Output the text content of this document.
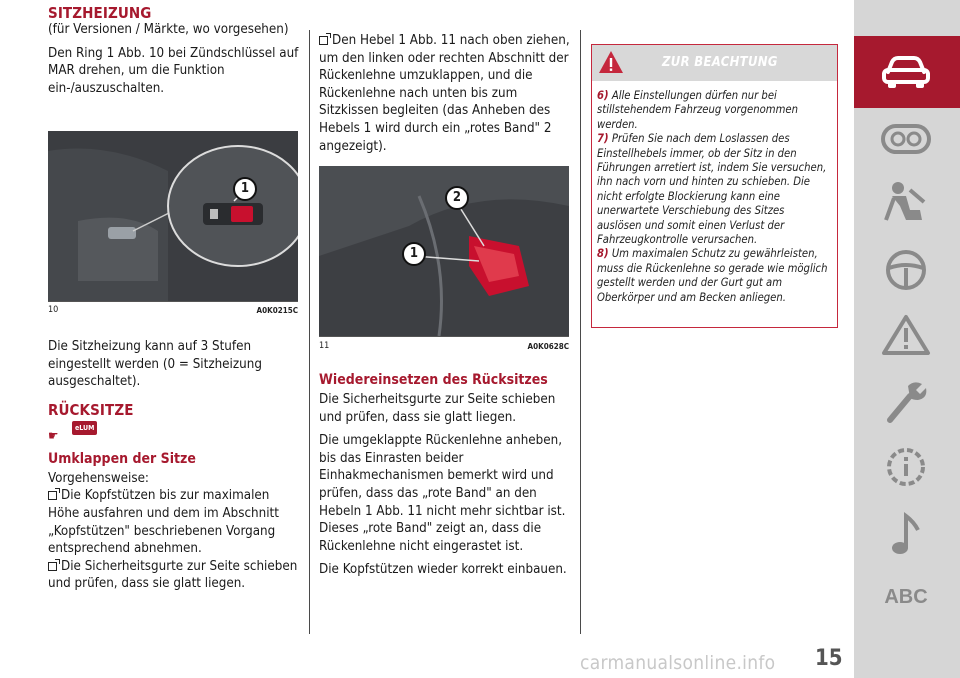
SITZHEIZUNG

(für Versionen / Märkte, wo vorgesehen)

Den Ring 1 Abb. 10 bei Zündschlüssel auf MAR drehen, um die Funktion ein-/auszuschalten.

1
10	A0K0215C

Die Sitzheizung kann auf 3 Stufen eingestellt werden (0 = Sitzheizung ausgeschaltet).

RÜCKSITZE

☛
eLUM

Umklappen der Sitze

Vorgehensweise:

Die Kopfstützen bis zur maximalen Höhe ausfahren und dem im Abschnitt „Kopfstützen" beschriebenen Vorgang entsprechend abnehmen.

Die Sicherheitsgurte zur Seite schieben und prüfen, dass sie glatt liegen.

Den Hebel 1 Abb. 11 nach oben ziehen, um den linken oder rechten Abschnitt der Rückenlehne umzuklappen, und die Rückenlehne nach unten bis zum Sitzkissen begleiten (das Anheben des Hebels 1 wird durch ein „rotes Band" 2 angezeigt).

2
1
11	A0K0628C

Wiedereinsetzen des Rücksitzes

Die Sicherheitsgurte zur Seite schieben und prüfen, dass sie glatt liegen.

Die umgeklappte Rückenlehne anheben, bis das Einrasten beider Einhakmechanismen bemerkt wird und prüfen, dass das „rote Band" an den Hebeln 1 Abb. 11 nicht mehr sichtbar ist. Dieses „rote Band" zeigt an, dass die Rückenlehne nicht eingerastet ist.

Die Kopfstützen wieder korrekt einbauen.

ZUR BEACHTUNG
6) Alle Einstellungen dürfen nur bei stillstehendem Fahrzeug vorgenommen werden.
7) Prüfen Sie nach dem Loslassen des Einstellhebels immer, ob der Sitz in den Führungen arretiert ist, indem Sie versuchen, ihn nach vorn und hinten zu schieben. Die nicht erfolgte Blockierung kann eine unerwartete Verschiebung des Sitzes auslösen und somit einen Verlust der Fahrzeugkontrolle verursachen.
8) Um maximalen Schutz zu gewährleisten, muss die Rückenlehne so gerade wie möglich gestellt werden und der Gurt gut am Oberkörper und am Becken anliegen.
ABC
carmanualsonline.info 15
